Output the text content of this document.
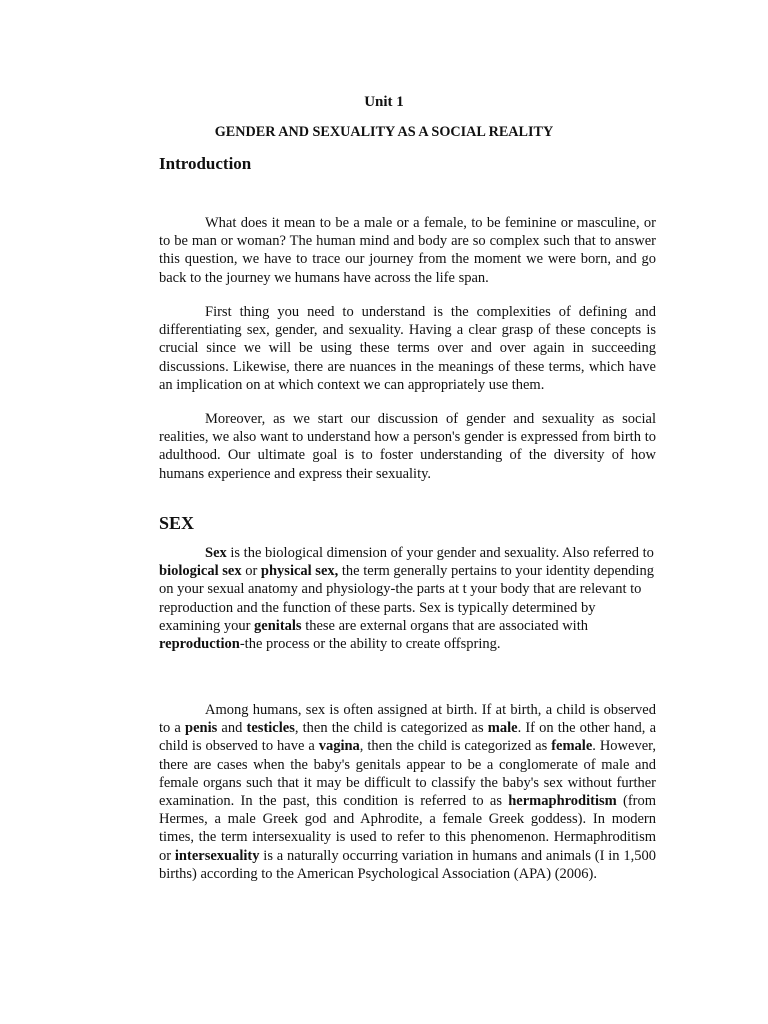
Unit 1
GENDER AND SEXUALITY AS A SOCIAL REALITY
Introduction

What does it mean to be a male or a female, to be feminine or masculine, or to be man or woman? The human mind and body are so complex such that to answer this question, we have to trace our journey from the moment we were born, and go back to the journey we humans have across the life span.

First thing you need to understand is the complexities of defining and differentiating sex, gender, and sexuality. Having a clear grasp of these concepts is crucial since we will be using these terms over and over again in succeeding discussions. Likewise, there are nuances in the meanings of these terms, which have an implication on at which context we can appropriately use them.

Moreover, as we start our discussion of gender and sexuality as social realities, we also want to understand how a person's gender is expressed from birth to adulthood. Our ultimate goal is to foster understanding of the diversity of how humans experience and express their sexuality.

SEX

Sex is the biological dimension of your gender and sexuality. Also referred to biological sex or physical sex, the term generally pertains to your identity depending on your sexual anatomy and physiology-the parts at t your body that are relevant to reproduction and the function of these parts. Sex is typically determined by examining your genitals these are external organs that are associated with reproduction-the process or the ability to create offspring.

Among humans, sex is often assigned at birth. If at birth, a child is observed to a penis and testicles, then the child is categorized as male. If on the other hand, a child is observed to have a vagina, then the child is categorized as female. However, there are cases when the baby's genitals appear to be a conglomerate of male and female organs such that it may be difficult to classify the baby's sex without further examination. In the past, this condition is referred to as hermaphroditism (from Hermes, a male Greek god and Aphrodite, a female Greek goddess). In modern times, the term intersexuality is used to refer to this phenomenon. Hermaphroditism or intersexuality is a naturally occurring variation in humans and animals (I in 1,500 births) according to the American Psychological Association (APA) (2006).
